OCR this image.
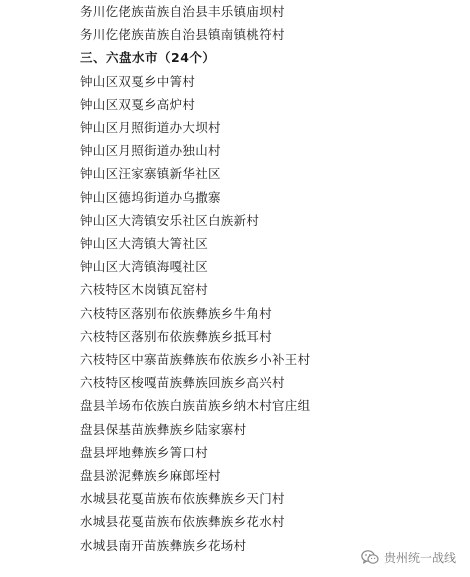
务川仡佬族苗族自治县丰乐镇庙坝村
务川仡佬族苗族自治县镇南镇桃符村
三、六盘水市（24个）
钟山区双戛乡中箐村
钟山区双戛乡高炉村
钟山区月照街道办大坝村
钟山区月照街道办独山村
钟山区汪家寨镇新华社区
钟山区德坞街道办乌撒寨
钟山区大湾镇安乐社区白族新村
钟山区大湾镇大箐社区
钟山区大湾镇海嘎社区
六枝特区木岗镇瓦窑村
六枝特区落别布依族彝族乡牛角村
六枝特区落别布依族彝族乡抵耳村
六枝特区中寨苗族彝族布依族乡小补王村
六枝特区梭嘎苗族彝族回族乡高兴村
盘县羊场布依族白族苗族乡纳木村官庄组
盘县保基苗族彝族乡陆家寨村
盘县坪地彝族乡箐口村
盘县淤泥彝族乡麻郎垤村
水城县花戛苗族布依族彝族乡天门村
水城县花戛苗族布依族彝族乡花水村
水城县南开苗族彝族乡花场村
贵州统一战线
